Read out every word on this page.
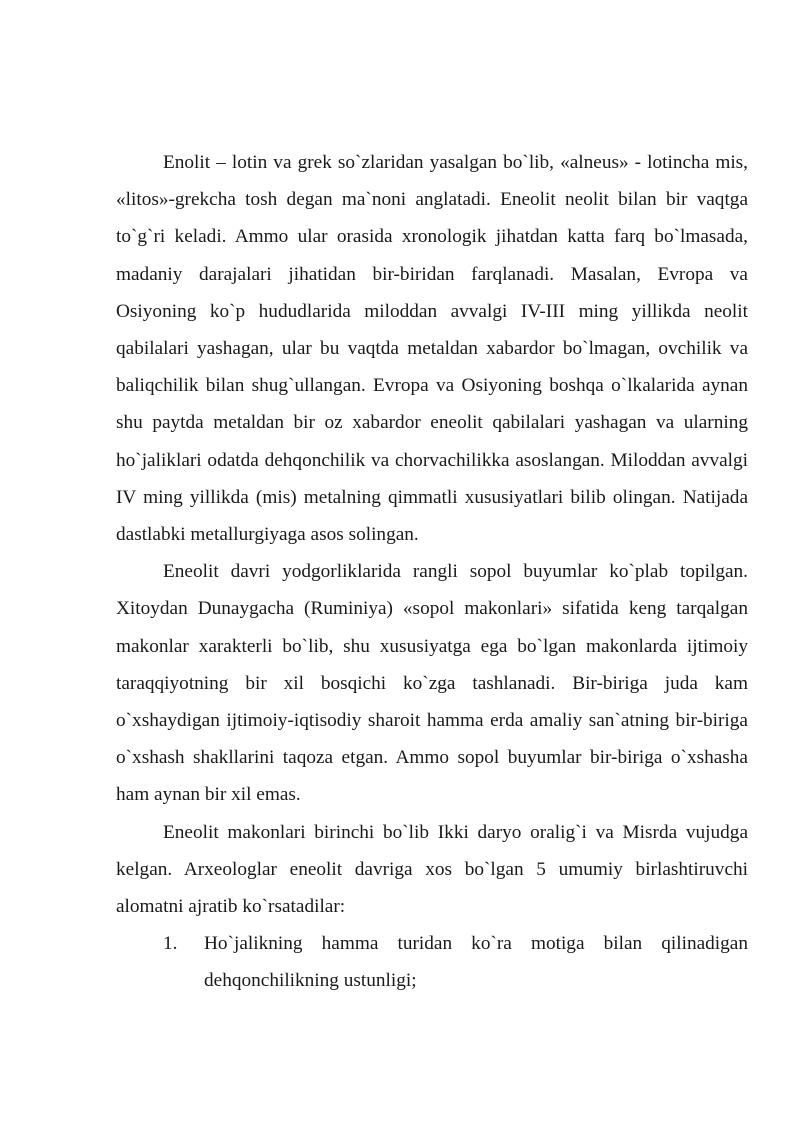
Enolit – lotin va grek so`zlaridan yasalgan bo`lib, «alneus» - lotincha mis, «litos»-grekcha tosh degan ma`noni anglatadi. Eneolit neolit bilan bir vaqtga to`g`ri keladi. Ammo ular orasida xronologik jihatdan katta farq bo`lmasada, madaniy darajalari jihatidan bir-biridan farqlanadi. Masalan, Evropa va Osiyoning ko`p hududlarida miloddan avvalgi IV-III ming yillikda neolit qabilalari yashagan, ular bu vaqtda metaldan xabardor bo`lmagan, ovchilik va baliqchilik bilan shug`ullangan. Evropa va Osiyoning boshqa o`lkalarida aynan shu paytda metaldan bir oz xabardor eneolit qabilalari yashagan va ularning ho`jaliklari odatda dehqonchilik va chorvachilikka asoslangan. Miloddan avvalgi IV ming yillikda (mis) metalning qimmatli xususiyatlari bilib olingan. Natijada dastlabki metallurgiyaga asos solingan.

Eneolit davri yodgorliklarida rangli sopol buyumlar ko`plab topilgan. Xitoydan Dunaygacha (Ruminiya) «sopol makonlari» sifatida keng tarqalgan makonlar xarakterli bo`lib, shu xususiyatga ega bo`lgan makonlarda ijtimoiy taraqqiyotning bir xil bosqichi ko`zga tashlanadi. Bir-biriga juda kam o`xshaydigan ijtimoiy-iqtisodiy sharoit hamma erda amaliy san`atning bir-biriga o`xshash shakllarini taqoza etgan. Ammo sopol buyumlar bir-biriga o`xshasha ham aynan bir xil emas.

Eneolit makonlari birinchi bo`lib Ikki daryo oralig`i va Misrda vujudga kelgan. Arxeologlar eneolit davriga xos bo`lgan 5 umumiy birlashtiruvchi alomatni ajratib ko`rsatadilar:

1. Ho`jalikning hamma turidan ko`ra motiga bilan qilinadigan dehqonchilikning ustunligi;
